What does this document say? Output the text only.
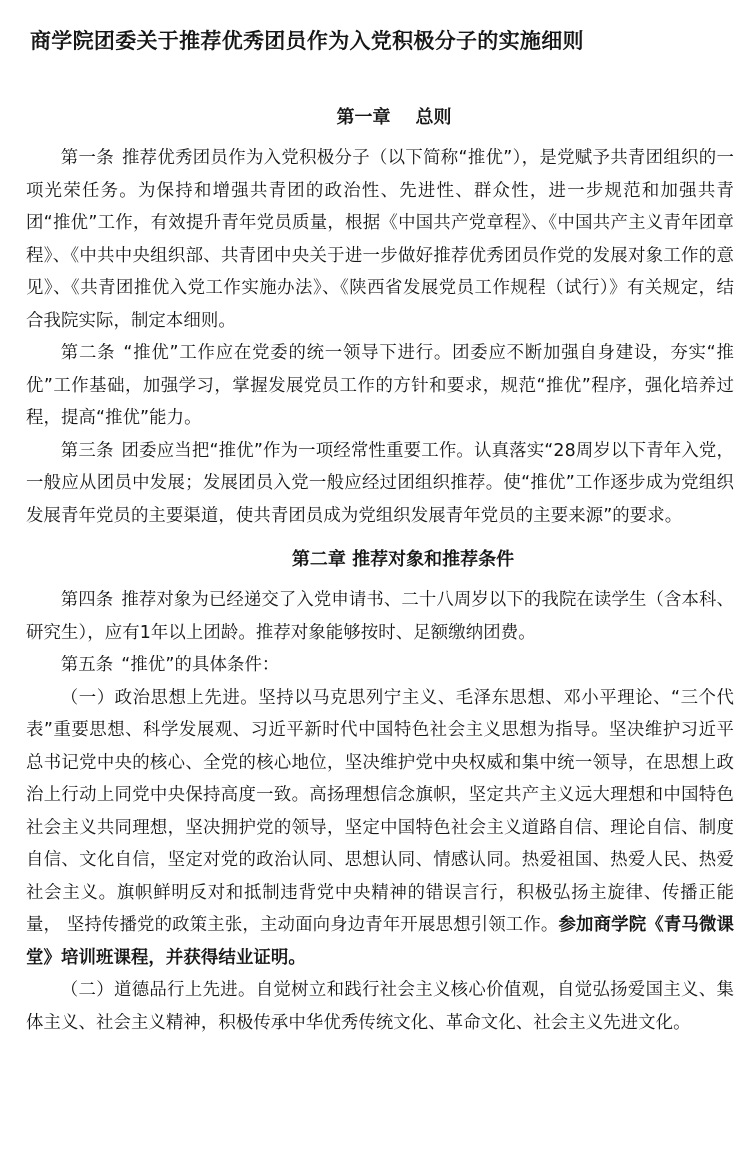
商学院团委关于推荐优秀团员作为入党积极分子的实施细则
第一章 总则

第一条 推荐优秀团员作为入党积极分子（以下简称“推优”），是党赋予共青团组织的一项光荣任务。为保持和增强共青团的政治性、先进性、群众性，进一步规范和加强共青团“推优”工作，有效提升青年党员质量，根据《中国共产党章程》、《中国共产主义青年团章程》、《中共中央组织部、共青团中央关于进一步做好推荐优秀团员作党的发展对象工作的意见》、《共青团推优入党工作实施办法》、《陕西省发展党员工作规程（试行）》有关规定，结合我院实际，制定本细则。

第二条 “推优”工作应在党委的统一领导下进行。团委应不断加强自身建设，夯实“推优”工作基础，加强学习，掌握发展党员工作的方针和要求，规范“推优”程序，强化培养过程，提高“推优”能力。

第三条 团委应当把“推优”作为一项经常性重要工作。认真落实“28周岁以下青年入党，一般应从团员中发展；发展团员入党一般应经过团组织推荐。使“推优”工作逐步成为党组织发展青年党员的主要渠道，使共青团员成为党组织发展青年党员的主要来源”的要求。

第二章 推荐对象和推荐条件

第四条 推荐对象为已经递交了入党申请书、二十八周岁以下的我院在读学生（含本科、研究生），应有1年以上团龄。推荐对象能够按时、足额缴纳团费。

第五条 “推优”的具体条件：

（一）政治思想上先进。坚持以马克思列宁主义、毛泽东思想、邓小平理论、“三个代表”重要思想、科学发展观、习近平新时代中国特色社会主义思想为指导。坚决维护习近平总书记党中央的核心、全党的核心地位，坚决维护党中央权威和集中统一领导，在思想上政治上行动上同党中央保持高度一致。高扬理想信念旗帜，坚定共产主义远大理想和中国特色社会主义共同理想，坚决拥护党的领导，坚定中国特色社会主义道路自信、理论自信、制度自信、文化自信，坚定对党的政治认同、思想认同、情感认同。热爱祖国、热爱人民、热爱社会主义。旗帜鲜明反对和抵制违背党中央精神的错误言行，积极弘扬主旋律、传播正能量， 坚持传播党的政策主张，主动面向身边青年开展思想引领工作。参加商学院《青马微课堂》培训班课程，并获得结业证明。

（二）道德品行上先进。自觉树立和践行社会主义核心价值观，自觉弘扬爱国主义、集体主义、社会主义精神，积极传承中华优秀传统文化、革命文化、社会主义先进文化。
